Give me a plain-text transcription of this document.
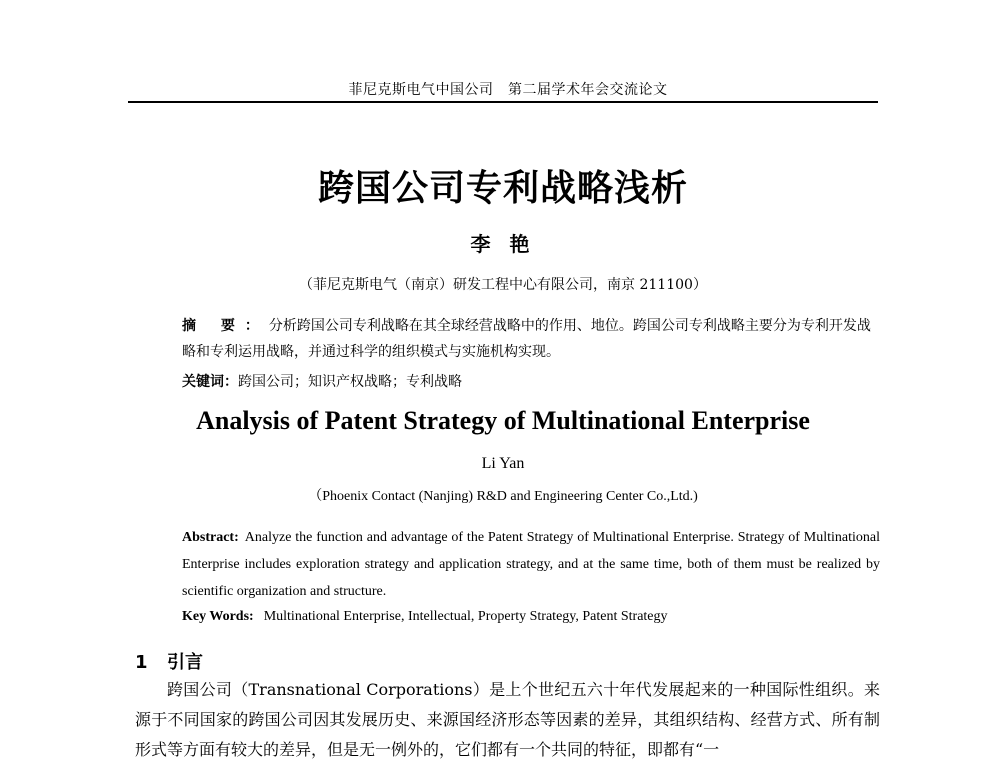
菲尼克斯电气中国公司　第二届学术年会交流论文
跨国公司专利战略浅析
李 艳
（菲尼克斯电气（南京）研发工程中心有限公司，南京 211100）
摘 要：分析跨国公司专利战略在其全球经营战略中的作用、地位。跨国公司专利战略主要分为专利开发战略和专利运用战略，并通过科学的组织模式与实施机构实现。
关键词：跨国公司；知识产权战略；专利战略
Analysis of Patent Strategy of Multinational Enterprise
Li Yan
（Phoenix Contact (Nanjing) R&D and Engineering Center Co.,Ltd.)
Abstract: Analyze the function and advantage of the Patent Strategy of Multinational Enterprise. Strategy of Multinational Enterprise includes exploration strategy and application strategy, and at the same time, both of them must be realized by scientific organization and structure.
Key Words: Multinational Enterprise, Intellectual, Property Strategy, Patent Strategy
1 引言

跨国公司（Transnational Corporations）是上个世纪五六十年代发展起来的一种国际性组织。来源于不同国家的跨国公司因其发展历史、来源国经济形态等因素的差异，其组织结构、经营方式、所有制形式等方面有较大的差异，但是无一例外的，它们都有一个共同的特征，即都有“一
